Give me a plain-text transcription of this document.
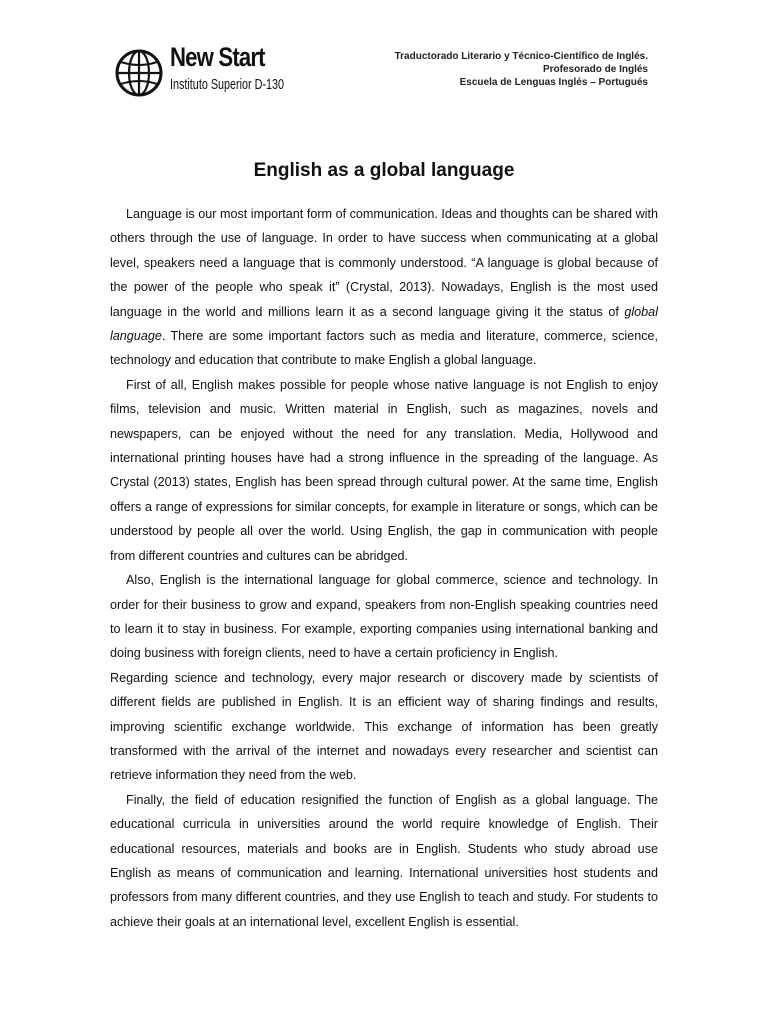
New Start
Instituto Superior D-130
Traductorado Literario y Técnico-Científico de Inglés.
Profesorado de Inglés
Escuela de Lenguas Inglés – Portugués
English as a global language

Language is our most important form of communication. Ideas and thoughts can be shared with others through the use of language. In order to have success when communicating at a global level, speakers need a language that is commonly understood. “A language is global because of the power of the people who speak it” (Crystal, 2013). Nowadays, English is the most used language in the world and millions learn it as a second language giving it the status of global language. There are some important factors such as media and literature, commerce, science, technology and education that contribute to make English a global language.

First of all, English makes possible for people whose native language is not English to enjoy films, television and music. Written material in English, such as magazines, novels and newspapers, can be enjoyed without the need for any translation. Media, Hollywood and international printing houses have had a strong influence in the spreading of the language. As Crystal (2013) states, English has been spread through cultural power. At the same time, English offers a range of expressions for similar concepts, for example in literature or songs, which can be understood by people all over the world. Using English, the gap in communication with people from different countries and cultures can be abridged.

Also, English is the international language for global commerce, science and technology. In order for their business to grow and expand, speakers from non-English speaking countries need to learn it to stay in business. For example, exporting companies using international banking and doing business with foreign clients, need to have a certain proficiency in English.

Regarding science and technology, every major research or discovery made by scientists of different fields are published in English. It is an efficient way of sharing findings and results, improving scientific exchange worldwide. This exchange of information has been greatly transformed with the arrival of the internet and nowadays every researcher and scientist can retrieve information they need from the web.

Finally, the field of education resignified the function of English as a global language. The educational curricula in universities around the world require knowledge of English. Their educational resources, materials and books are in English. Students who study abroad use English as means of communication and learning. International universities host students and professors from many different countries, and they use English to teach and study. For students to achieve their goals at an international level, excellent English is essential.
